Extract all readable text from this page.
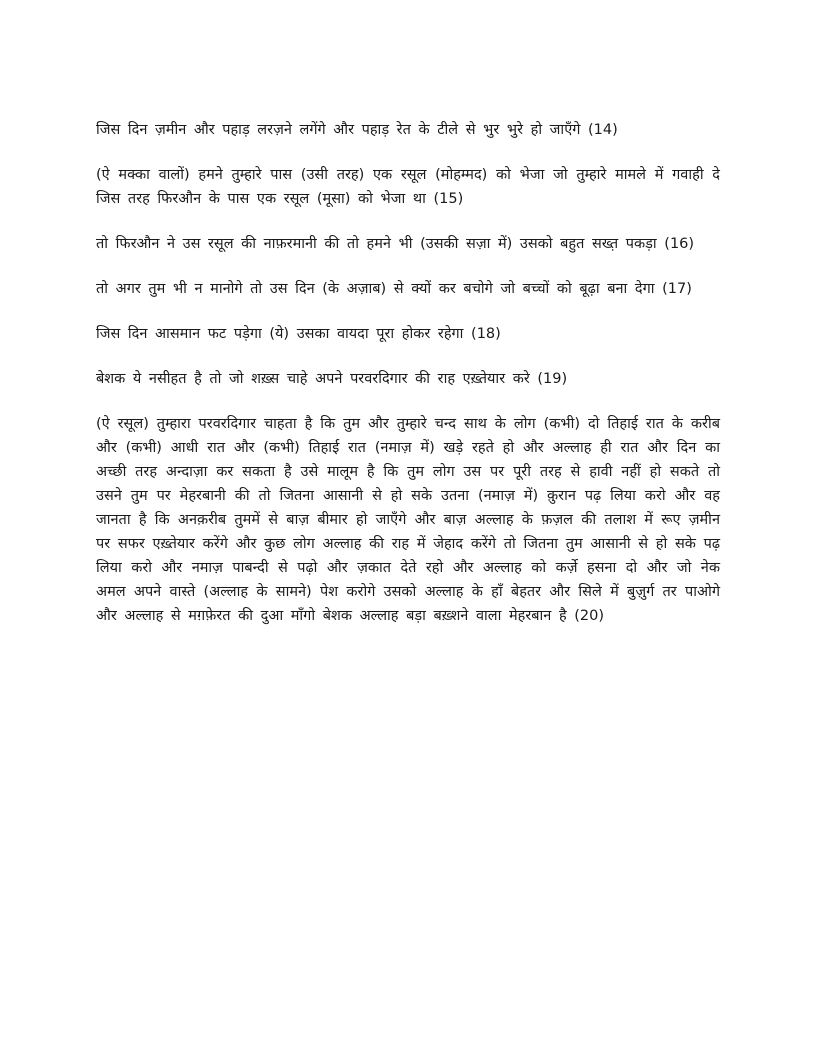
जिस दिन ज़मीन और पहाड़ लरज़ने लगेंगे और पहाड़ रेत के टीले से भुर भुरे हो जाएँगे (14)

(ऐ मक्का वालों) हमने तुम्हारे पास (उसी तरह) एक रसूल (मोहम्मद) को भेजा जो तुम्हारे मामले में गवाही दे जिस तरह फिरऔन के पास एक रसूल (मूसा) को भेजा था (15)

तो फिरऔन ने उस रसूल की नाफ़रमानी की तो हमने भी (उसकी सज़ा में) उसको बहुत सख्त़ पकड़ा (16)

तो अगर तुम भी न मानोगे तो उस दिन (के अज़ाब) से क्यों कर बचोगे जो बच्चों को बूढ़ा बना देगा (17)

जिस दिन आसमान फट पड़ेगा (ये) उसका वायदा पूरा होकर रहेगा (18)

बेशक ये नसीहत है तो जो शख़्स चाहे अपने परवरदिगार की राह एख़्तेयार करे (19)

(ऐ रसूल) तुम्हारा परवरदिगार चाहता है कि तुम और तुम्हारे चन्द साथ के लोग (कभी) दो तिहाई रात के करीब और (कभी) आधी रात और (कभी) तिहाई रात (नमाज़ में) खड़े रहते हो और अल्लाह ही रात और दिन का अच्छी तरह अन्दाज़ा कर सकता है उसे मालूम है कि तुम लोग उस पर पूरी तरह से हावी नहीं हो सकते तो उसने तुम पर मेहरबानी की तो जितना आसानी से हो सके उतना (नमाज़ में) क़ुरान पढ़ लिया करो और वह जानता है कि अनक़रीब तुममें से बाज़ बीमार हो जाएँगे और बाज़ अल्लाह के फ़ज़ल की तलाश में रूए ज़मीन पर सफर एख़्तेयार करेंगे और कुछ लोग अल्लाह की राह में जेहाद करेंगे तो जितना तुम आसानी से हो सके पढ़ लिया करो और नमाज़ पाबन्दी से पढ़ो और ज़कात देते रहो और अल्लाह को कर्ज़े हसना दो और जो नेक अमल अपने वास्ते (अल्लाह के सामने) पेश करोगे उसको अल्लाह के हाँ बेहतर और सिले में बुज़ुर्ग तर पाओगे और अल्लाह से मग़फ़ेरत की दुआ माँगो बेशक अल्लाह बड़ा बख़्शने वाला मेहरबान है (20)
